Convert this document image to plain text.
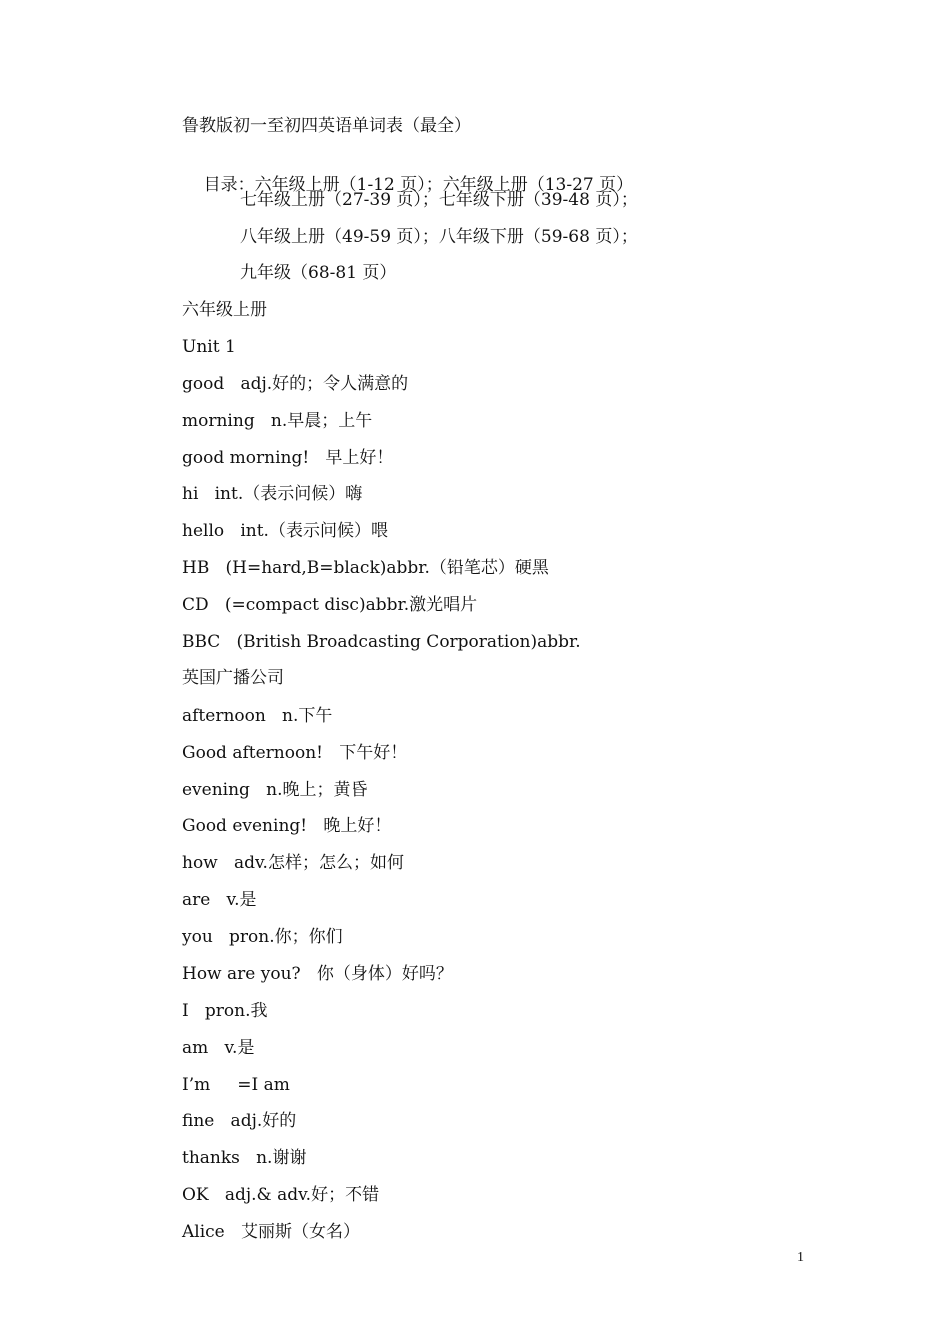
鲁教版初一至初四英语单词表（最全）

目录：六年级上册（1-12 页）；六年级上册（13-27 页）

七年级上册（27-39 页）；七年级下册（39-48 页）；
八年级上册（49-59 页）；八年级下册（59-68 页）；
九年级（68-81 页）
六年级上册
Unit 1
good   adj.好的；令人满意的
morning   n.早晨；上午
good morning!   早上好！
hi   int.（表示问候）嗨
hello   int.（表示问候）喂
HB   (H=hard,B=black)abbr.（铅笔芯）硬黑
CD   (=compact disc)abbr.激光唱片
BBC   (British Broadcasting Corporation)abbr.
英国广播公司
afternoon   n.下午
Good afternoon!   下午好！
evening   n.晚上；黄昏
Good evening!   晚上好！
how   adv.怎样；怎么；如何
are   v.是
you   pron.你；你们
How are you?   你（身体）好吗？
I   pron.我
am   v.是
I’m     =I am
fine   adj.好的
thanks   n.谢谢
OK   adj.& adv.好；不错
Alice   艾丽斯（女名）
1
